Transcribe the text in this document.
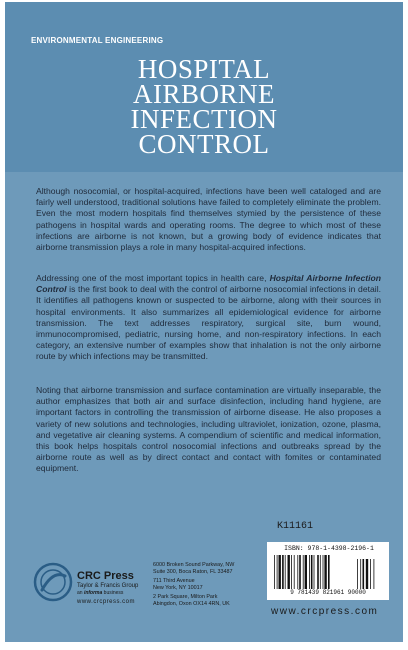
ENVIRONMENTAL ENGINEERING
HOSPITAL
AIRBORNE
INFECTION
CONTROL
Although nosocomial, or hospital-acquired, infections have been well cataloged and are fairly well understood, traditional solutions have failed to completely eliminate the problem. Even the most modern hospitals find themselves stymied by the persistence of these pathogens in hospital wards and operating rooms. The degree to which most of these infections are airborne is not known, but a growing body of evidence indicates that airborne transmission plays a role in many hospital-acquired infections.
Addressing one of the most important topics in health care, Hospital Airborne Infection Control is the first book to deal with the control of airborne nosocomial infections in detail. It identifies all pathogens known or suspected to be airborne, along with their sources in hospital environments. It also summarizes all epidemiological evidence for airborne transmission. The text addresses respiratory, surgical site, burn wound, immunocompromised, pediatric, nursing home, and non-respiratory infections. In each category, an extensive number of examples show that inhalation is not the only airborne route by which infections may be transmitted.
Noting that airborne transmission and surface contamination are virtually inseparable, the author emphasizes that both air and surface disinfection, including hand hygiene, are important factors in controlling the transmission of airborne disease. He also proposes a variety of new solutions and technologies, including ultraviolet, ionization, ozone, plasma, and vegetative air cleaning systems. A compendium of scientific and medical information, this book helps hospitals control nosocomial infections and outbreaks spread by the airborne route as well as by direct contact and contact with fomites or contaminated equipment.
K11161
ISBN: 978-1-4398-2196-1
9 781439 821961 90000
www.crcpress.com
CRC Press
Taylor & Francis Group
an informa business
www.crcpress.com
6000 Broken Sound Parkway, NW
Suite 300, Boca Raton, FL 33487
711 Third Avenue
New York, NY 10017
2 Park Square, Milton Park
Abingdon, Oxon OX14 4RN, UK
